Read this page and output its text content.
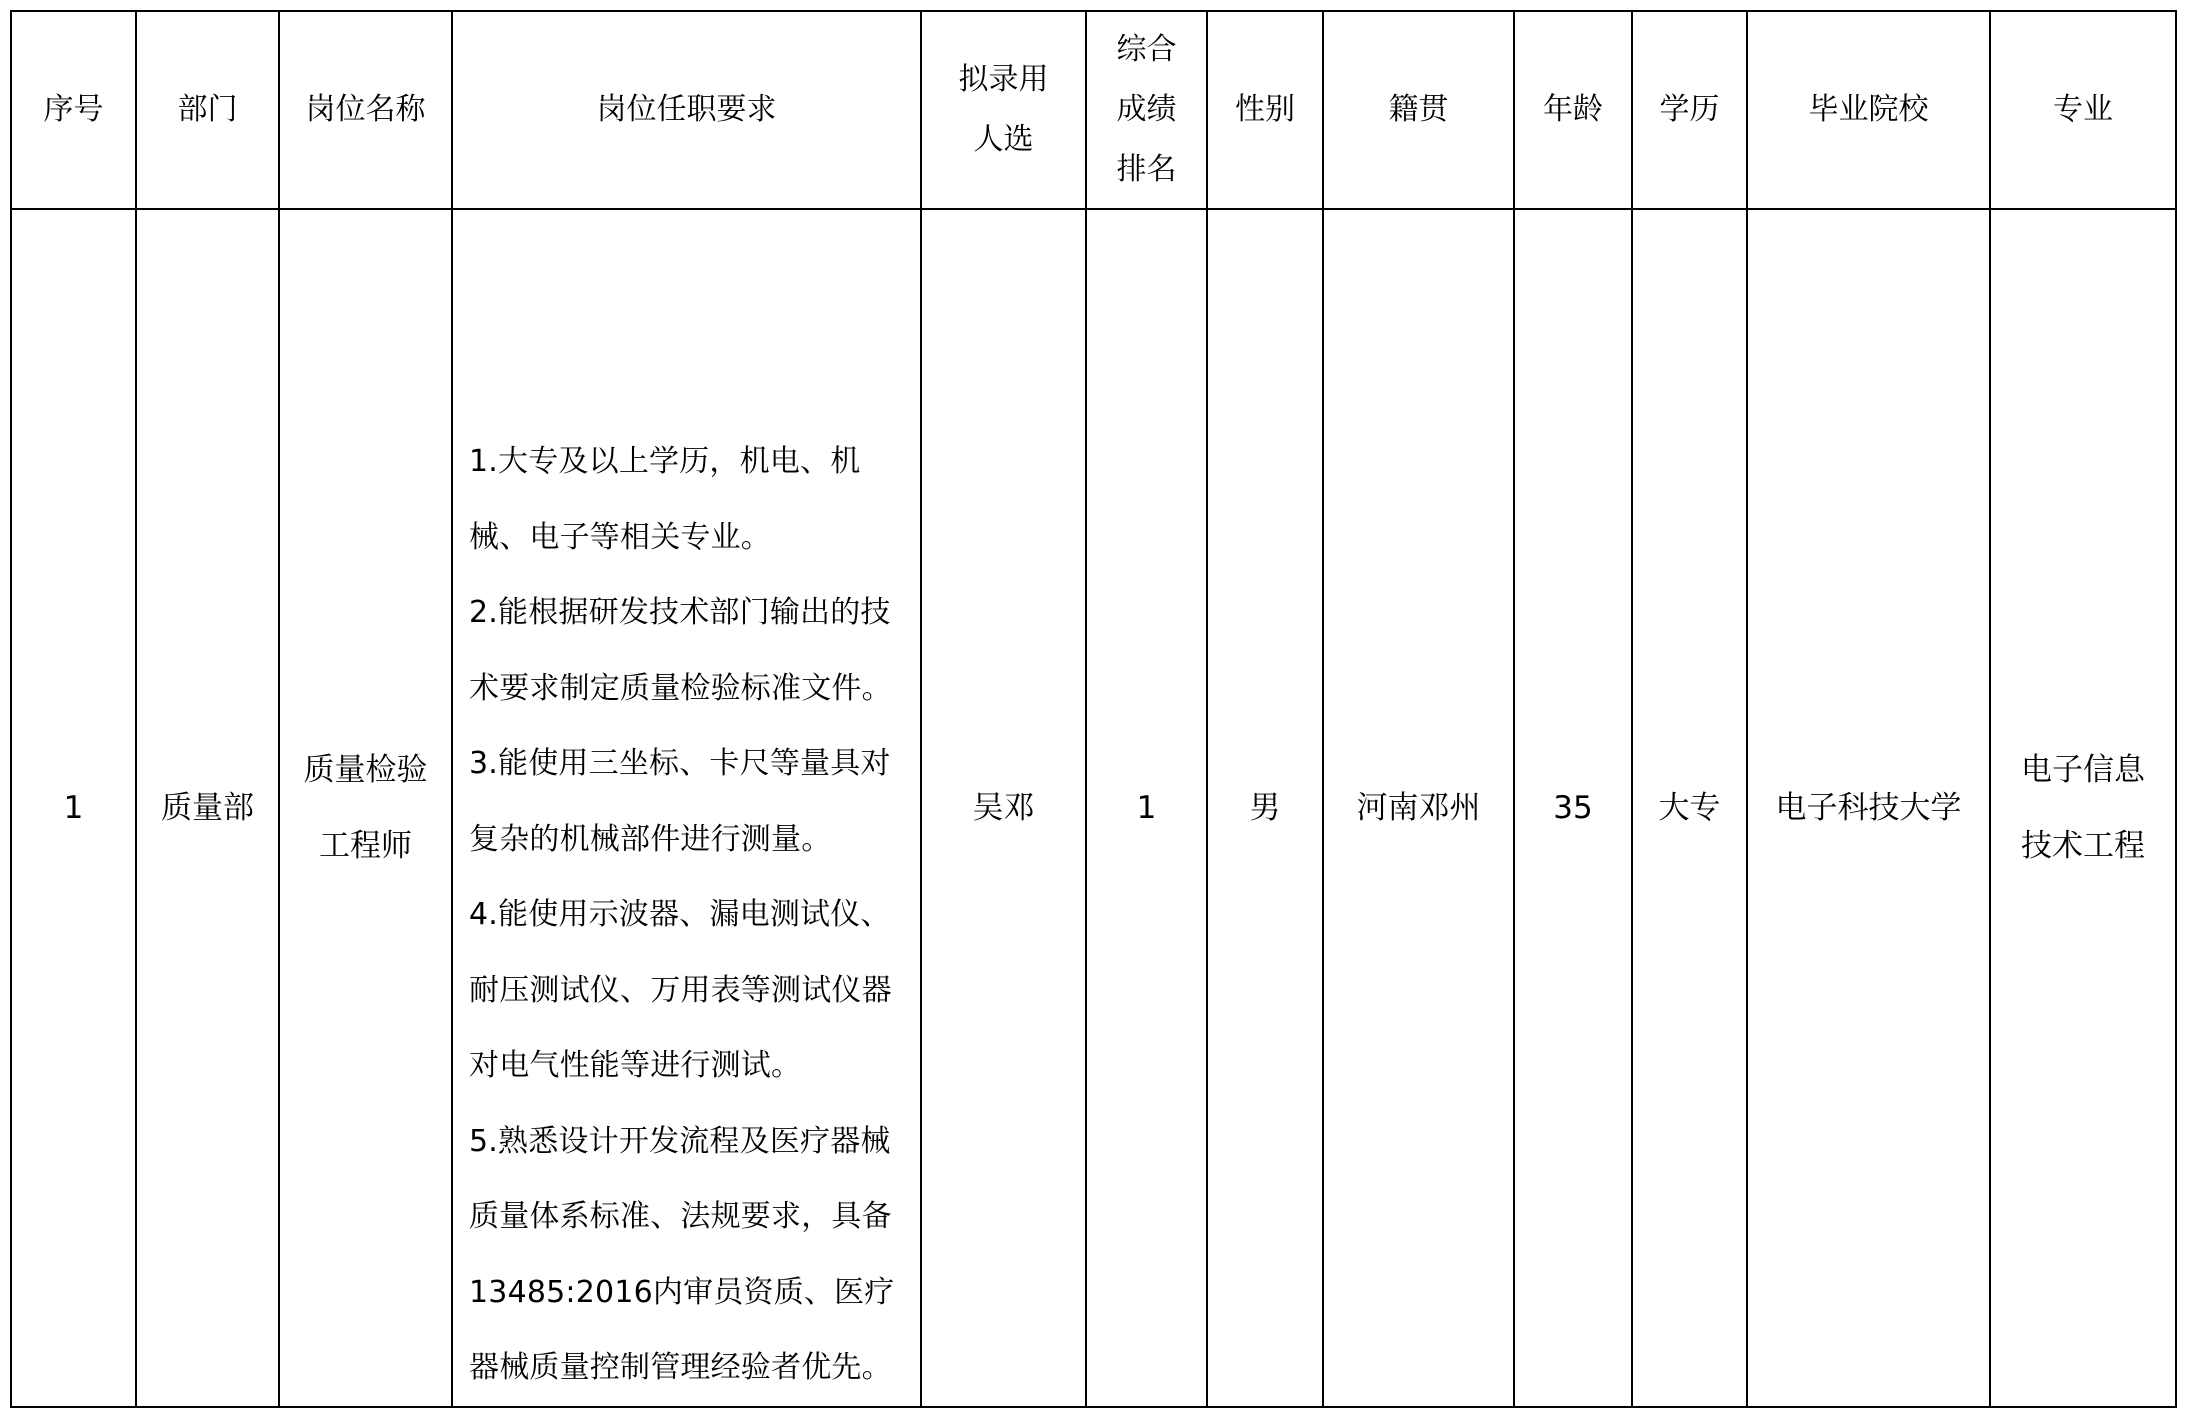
序号	部门	岗位名称	岗位任职要求	拟录用人选	综合成绩排名	性别	籍贯	年龄	学历	毕业院校	专业
1	质量部	质量检验工程师	1.大专及以上学历，机电、机械、电子等相关专业。
2.能根据研发技术部门输出的技术要求制定质量检验标准文件。
3.能使用三坐标、卡尺等量具对复杂的机械部件进行测量。
4.能使用示波器、漏电测试仪、耐压测试仪、万用表等测试仪器对电气性能等进行测试。
5.熟悉设计开发流程及医疗器械质量体系标准、法规要求，具备13485:2016内审员资质、医疗器械质量控制管理经验者优先。	吴邓	1	男	河南邓州	35	大专	电子科技大学	电子信息技术工程
